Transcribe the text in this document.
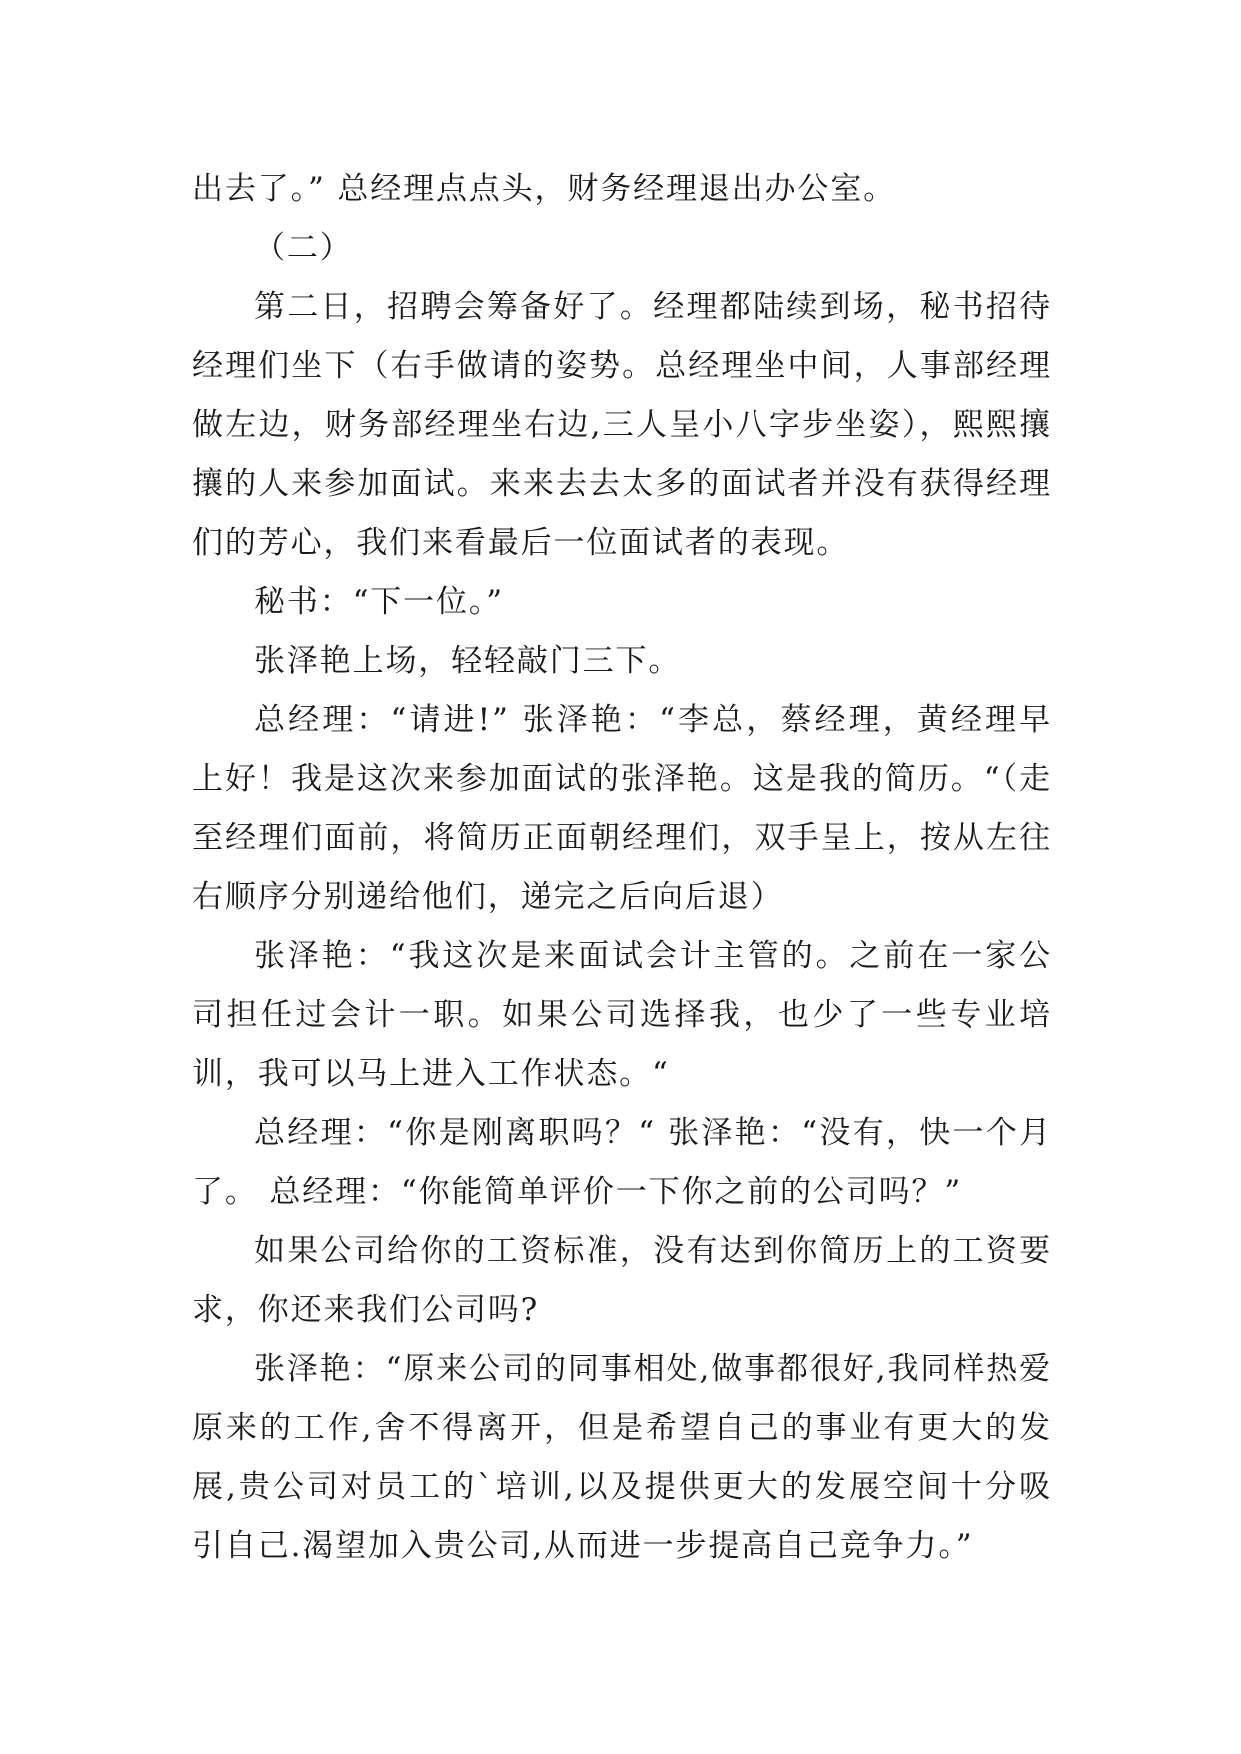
出去了。” 总经理点点头，财务经理退出办公室。

（二）

第二日，招聘会筹备好了。经理都陆续到场，秘书招待经理们坐下（右手做请的姿势。总经理坐中间，人事部经理做左边，财务部经理坐右边,三人呈小八字步坐姿），熙熙攘攘的人来参加面试。来来去去太多的面试者并没有获得经理们的芳心，我们来看最后一位面试者的表现。

秘书：“下一位。”

张泽艳上场，轻轻敲门三下。

总经理：“请进!” 张泽艳：“李总，蔡经理，黄经理早上好！我是这次来参加面试的张泽艳。这是我的简历。“（走至经理们面前，将简历正面朝经理们，双手呈上，按从左往右顺序分别递给他们，递完之后向后退）

张泽艳：“我这次是来面试会计主管的。之前在一家公司担任过会计一职。如果公司选择我，也少了一些专业培训，我可以马上进入工作状态。“

总经理：“你是刚离职吗？“ 张泽艳：“没有，快一个月了。 总经理：“你能简单评价一下你之前的公司吗？”

如果公司给你的工资标准，没有达到你简历上的工资要求，你还来我们公司吗?

张泽艳：“原来公司的同事相处,做事都很好,我同样热爱原来的工作,舍不得离开，但是希望自己的事业有更大的发展,贵公司对员工的`培训,以及提供更大的发展空间十分吸引自己.渴望加入贵公司,从而进一步提高自己竞争力。”
